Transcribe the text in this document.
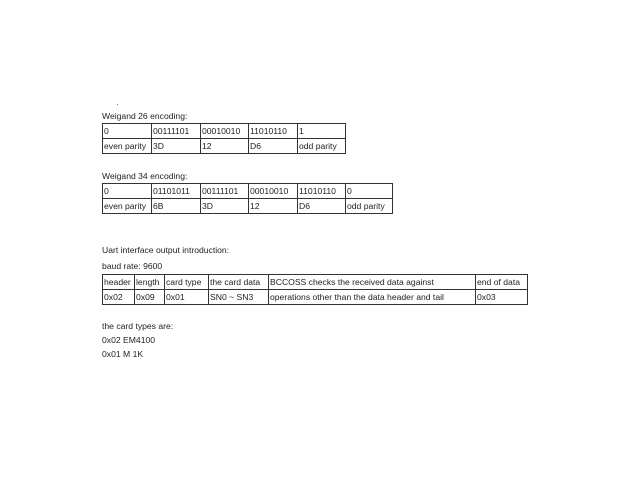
Weigand 26 encoding:
0	00111101	00010010	11010110	1
even parity	3D	12	D6	odd parity
Weigand 34 encoding:
0	01101011	00111101	00010010	11010110	0
even parity	6B	3D	12	D6	odd parity
Uart interface output introduction:
baud rate: 9600
header	length	card type	the card data	BCCOSS checks the received data against	end of data
0x02	0x09	0x01	SN0 ~ SN3	operations other than the data header and tail	0x03
the card types are:
0x02 EM4100
0x01 M 1K
